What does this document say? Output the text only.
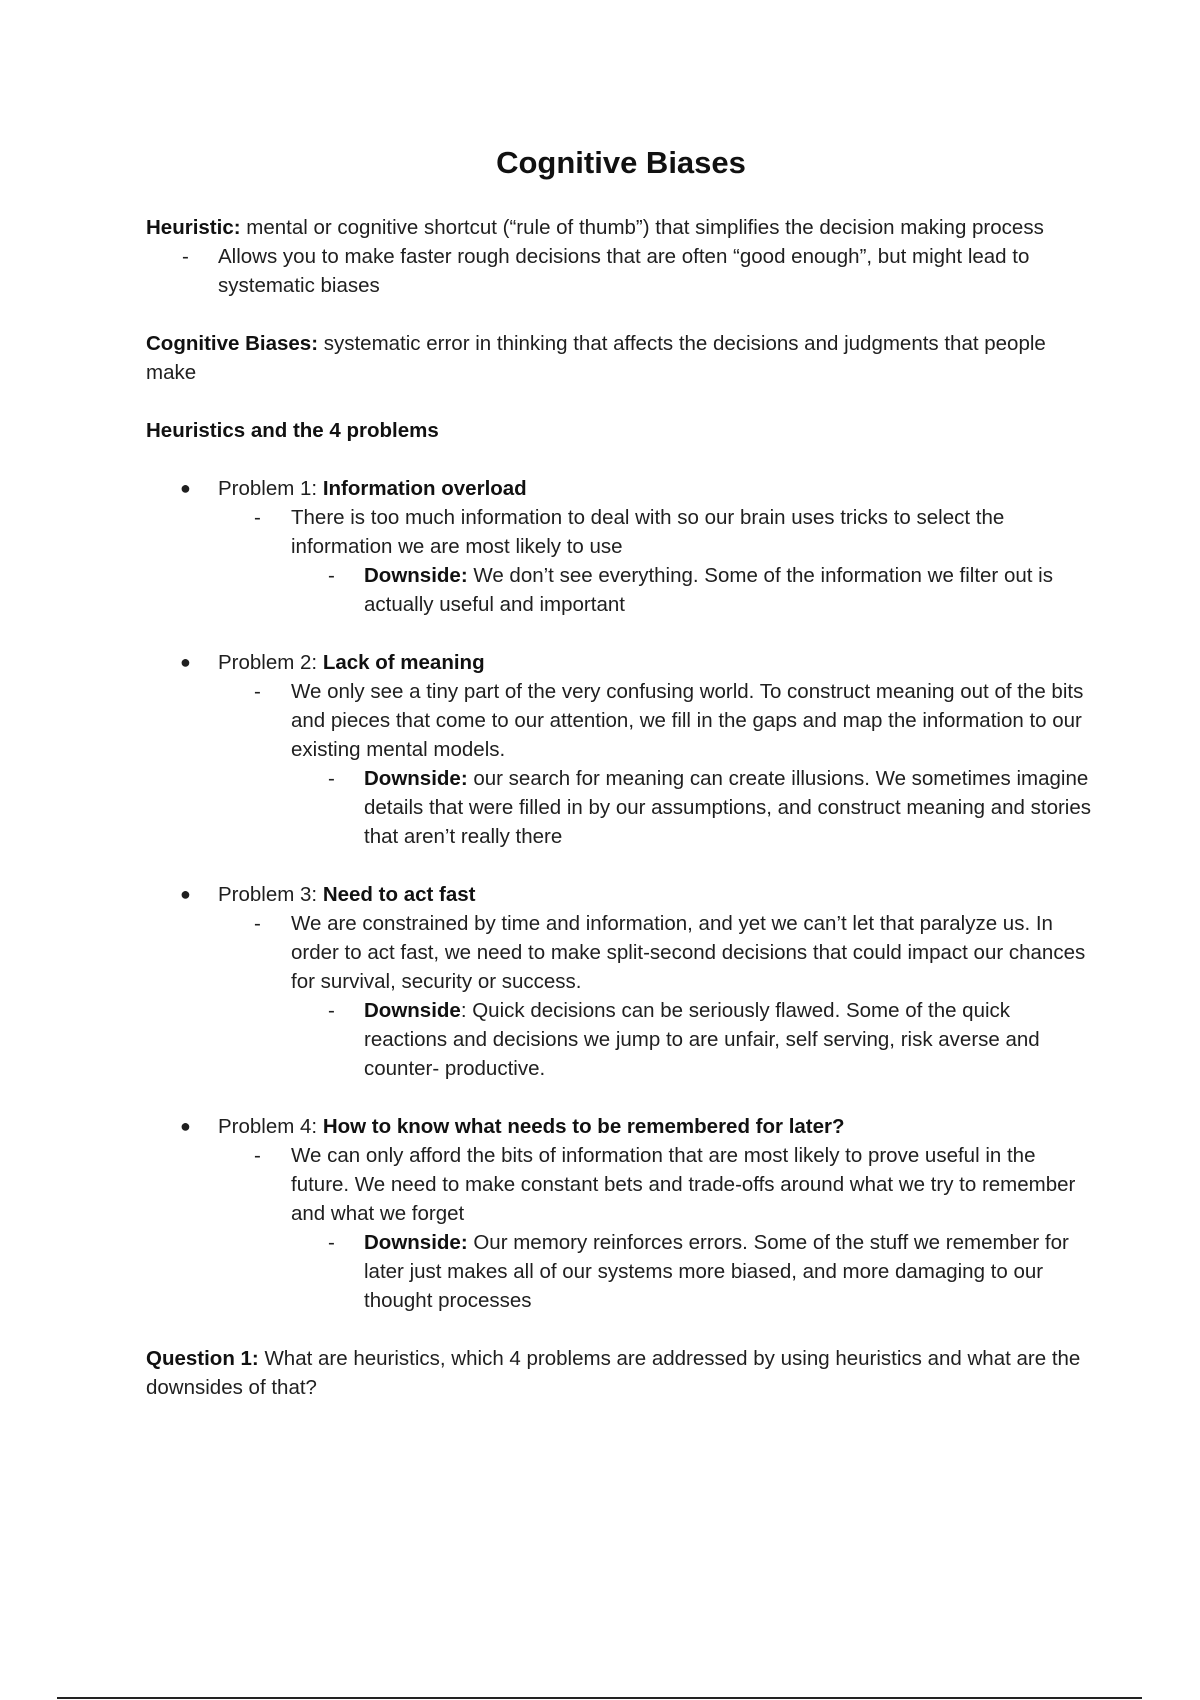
Cognitive Biases

Heuristic: mental or cognitive shortcut (“rule of thumb”) that simplifies the decision making process

- Allows you to make faster rough decisions that are often “good enough”, but might lead to systematic biases

Cognitive Biases: systematic error in thinking that affects the decisions and judgments that people make

Heuristics and the 4 problems

● Problem 1: Information overload
- There is too much information to deal with so our brain uses tricks to select the information we are most likely to use
- Downside: We don’t see everything. Some of the information we filter out is actually useful and important
● Problem 2: Lack of meaning
- We only see a tiny part of the very confusing world. To construct meaning out of the bits and pieces that come to our attention, we fill in the gaps and map the information to our existing mental models.
- Downside: our search for meaning can create illusions. We sometimes imagine details that were filled in by our assumptions, and construct meaning and stories that aren’t really there
● Problem 3: Need to act fast
- We are constrained by time and information, and yet we can’t let that paralyze us. In order to act fast, we need to make split-second decisions that could impact our chances for survival, security or success.
- Downside: Quick decisions can be seriously flawed. Some of the quick reactions and decisions we jump to are unfair, self serving, risk averse and counter- productive.
● Problem 4: How to know what needs to be remembered for later?
- We can only afford the bits of information that are most likely to prove useful in the future. We need to make constant bets and trade-offs around what we try to remember and what we forget
- Downside: Our memory reinforces errors. Some of the stuff we remember for later just makes all of our systems more biased, and more damaging to our thought processes

Question 1: What are heuristics, which 4 problems are addressed by using heuristics and what are the downsides of that?
